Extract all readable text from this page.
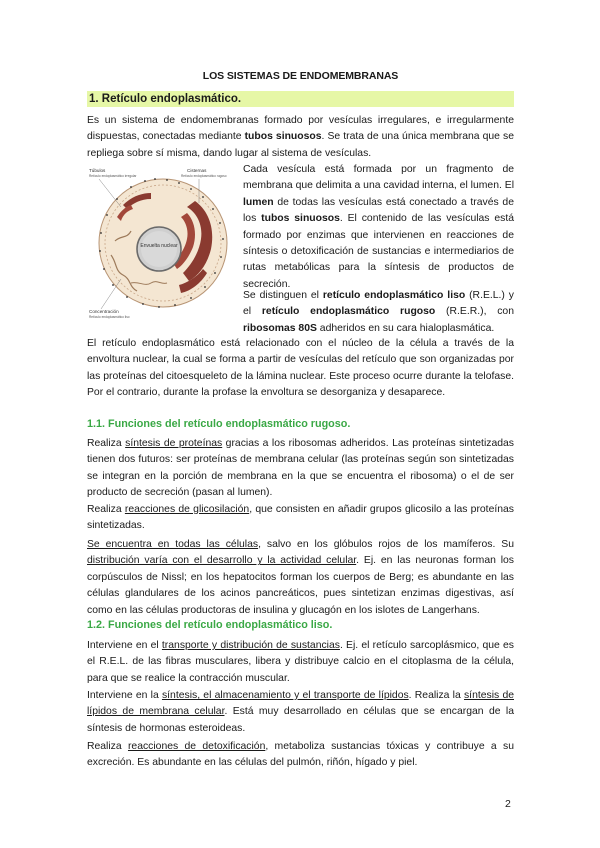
LOS SISTEMAS DE ENDOMEMBRANAS
1. Retículo endoplasmático.

Es un sistema de endomembranas formado por vesículas irregulares, e irregularmente dispuestas, conectadas mediante tubos sinuosos. Se trata de una única membrana que se repliega sobre sí misma, dando lugar al sistema de vesículas.

Envuelta nuclear
Túbulos
Retículo endoplasmático irregular
Cisternas
Retículo endoplasmático rugoso
Concentración
Retículo endoplasmático liso

Cada vesícula está formada por un fragmento de membrana que delimita a una cavidad interna, el lumen. El lumen de todas las vesículas está conectado a través de los tubos sinuosos. El contenido de las vesículas está formado por enzimas que intervienen en reacciones de síntesis o detoxificación de sustancias e intermediarios de rutas metabólicas para la síntesis de productos de secreción.

Se distinguen el retículo endoplasmático liso (R.E.L.) y el retículo endoplasmático rugoso (R.E.R.), con ribosomas 80S adheridos en su cara hialoplasmática.

El retículo endoplasmático está relacionado con el núcleo de la célula a través de la envoltura nuclear, la cual se forma a partir de vesículas del retículo que son organizadas por las proteínas del citoesqueleto de la lámina nuclear. Este proceso ocurre durante la telofase. Por el contrario, durante la profase la envoltura se desorganiza y desaparece.

1.1. Funciones del retículo endoplasmático rugoso.

Realiza síntesis de proteínas gracias a los ribosomas adheridos. Las proteínas sintetizadas tienen dos futuros: ser proteínas de membrana celular (las proteínas según son sintetizadas se integran en la porción de membrana en la que se encuentra el ribosoma) o el de ser producto de secreción (pasan al lumen).

Realiza reacciones de glicosilación, que consisten en añadir grupos glicosilo a las proteínas sintetizadas.

Se encuentra en todas las células, salvo en los glóbulos rojos de los mamíferos. Su distribución varía con el desarrollo y la actividad celular. Ej. en las neuronas forman los corpúsculos de Nissl; en los hepatocitos forman los cuerpos de Berg; es abundante en las células glandulares de los acinos pancreáticos, pues sintetizan enzimas digestivas, así como en las células productoras de insulina y glucagón en los islotes de Langerhans.

1.2. Funciones del retículo endoplasmático liso.

Interviene en el transporte y distribución de sustancias. Ej. el retículo sarcoplásmico, que es el R.E.L. de las fibras musculares, libera y distribuye calcio en el citoplasma de la célula, para que se realice la contracción muscular.

Interviene en la síntesis, el almacenamiento y el transporte de lípidos. Realiza la síntesis de lípidos de membrana celular. Está muy desarrollado en células que se encargan de la síntesis de hormonas esteroideas.

Realiza reacciones de detoxificación, metaboliza sustancias tóxicas y contribuye a su excreción. Es abundante en las células del pulmón, riñón, hígado y piel.

2
